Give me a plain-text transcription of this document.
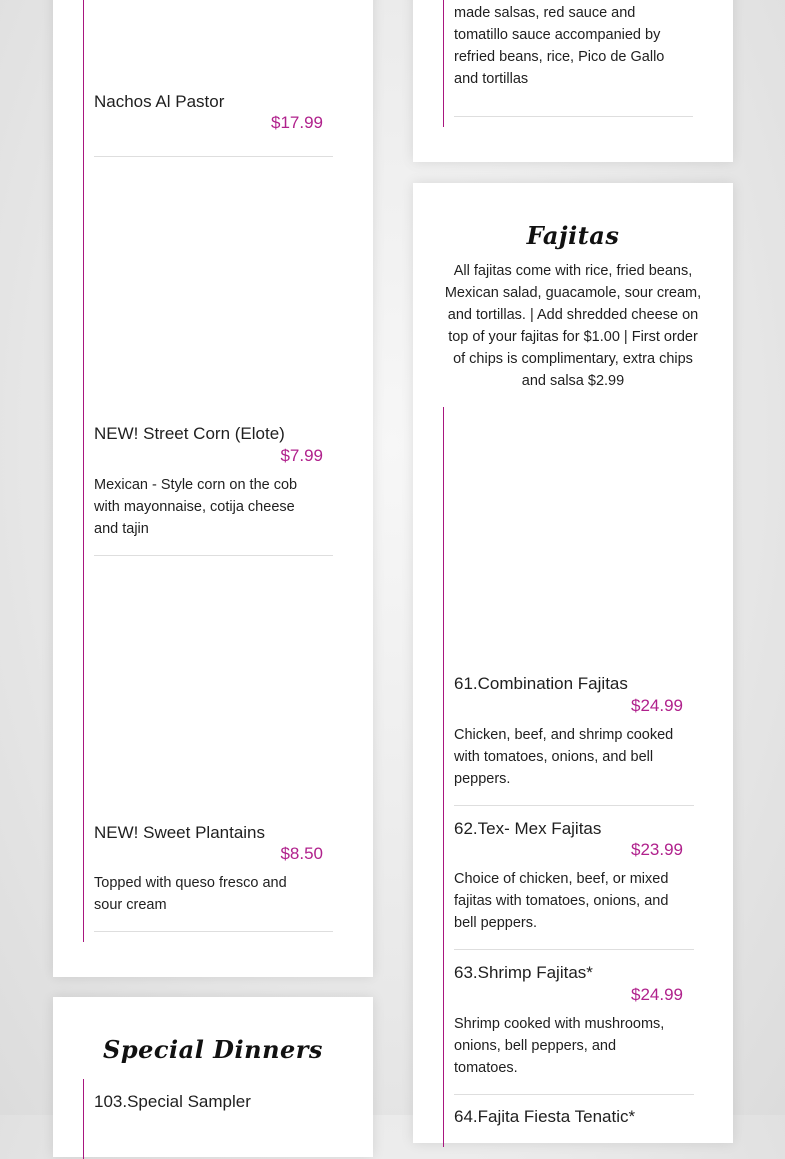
Nachos Al Pastor
$17.99
NEW! Street Corn (Elote)
$7.99
Mexican - Style corn on the cob with mayonnaise, cotija cheese and tajin
NEW! Sweet Plantains
$8.50
Topped with queso fresco and sour cream
Special Dinners
103.Special Sampler
made salsas, red sauce and tomatillo sauce accompanied by refried beans, rice, Pico de Gallo and tortillas
Fajitas
All fajitas come with rice, fried beans, Mexican salad, guacamole, sour cream, and tortillas. | Add shredded cheese on top of your fajitas for $1.00 | First order of chips is complimentary, extra chips and salsa $2.99
61.Combination Fajitas
$24.99
Chicken, beef, and shrimp cooked with tomatoes, onions, and bell peppers.
62.Tex- Mex Fajitas
$23.99
Choice of chicken, beef, or mixed fajitas with tomatoes, onions, and bell peppers.
63.Shrimp Fajitas*
$24.99
Shrimp cooked with mushrooms, onions, bell peppers, and tomatoes.
64.Fajita Fiesta Tenatic*
